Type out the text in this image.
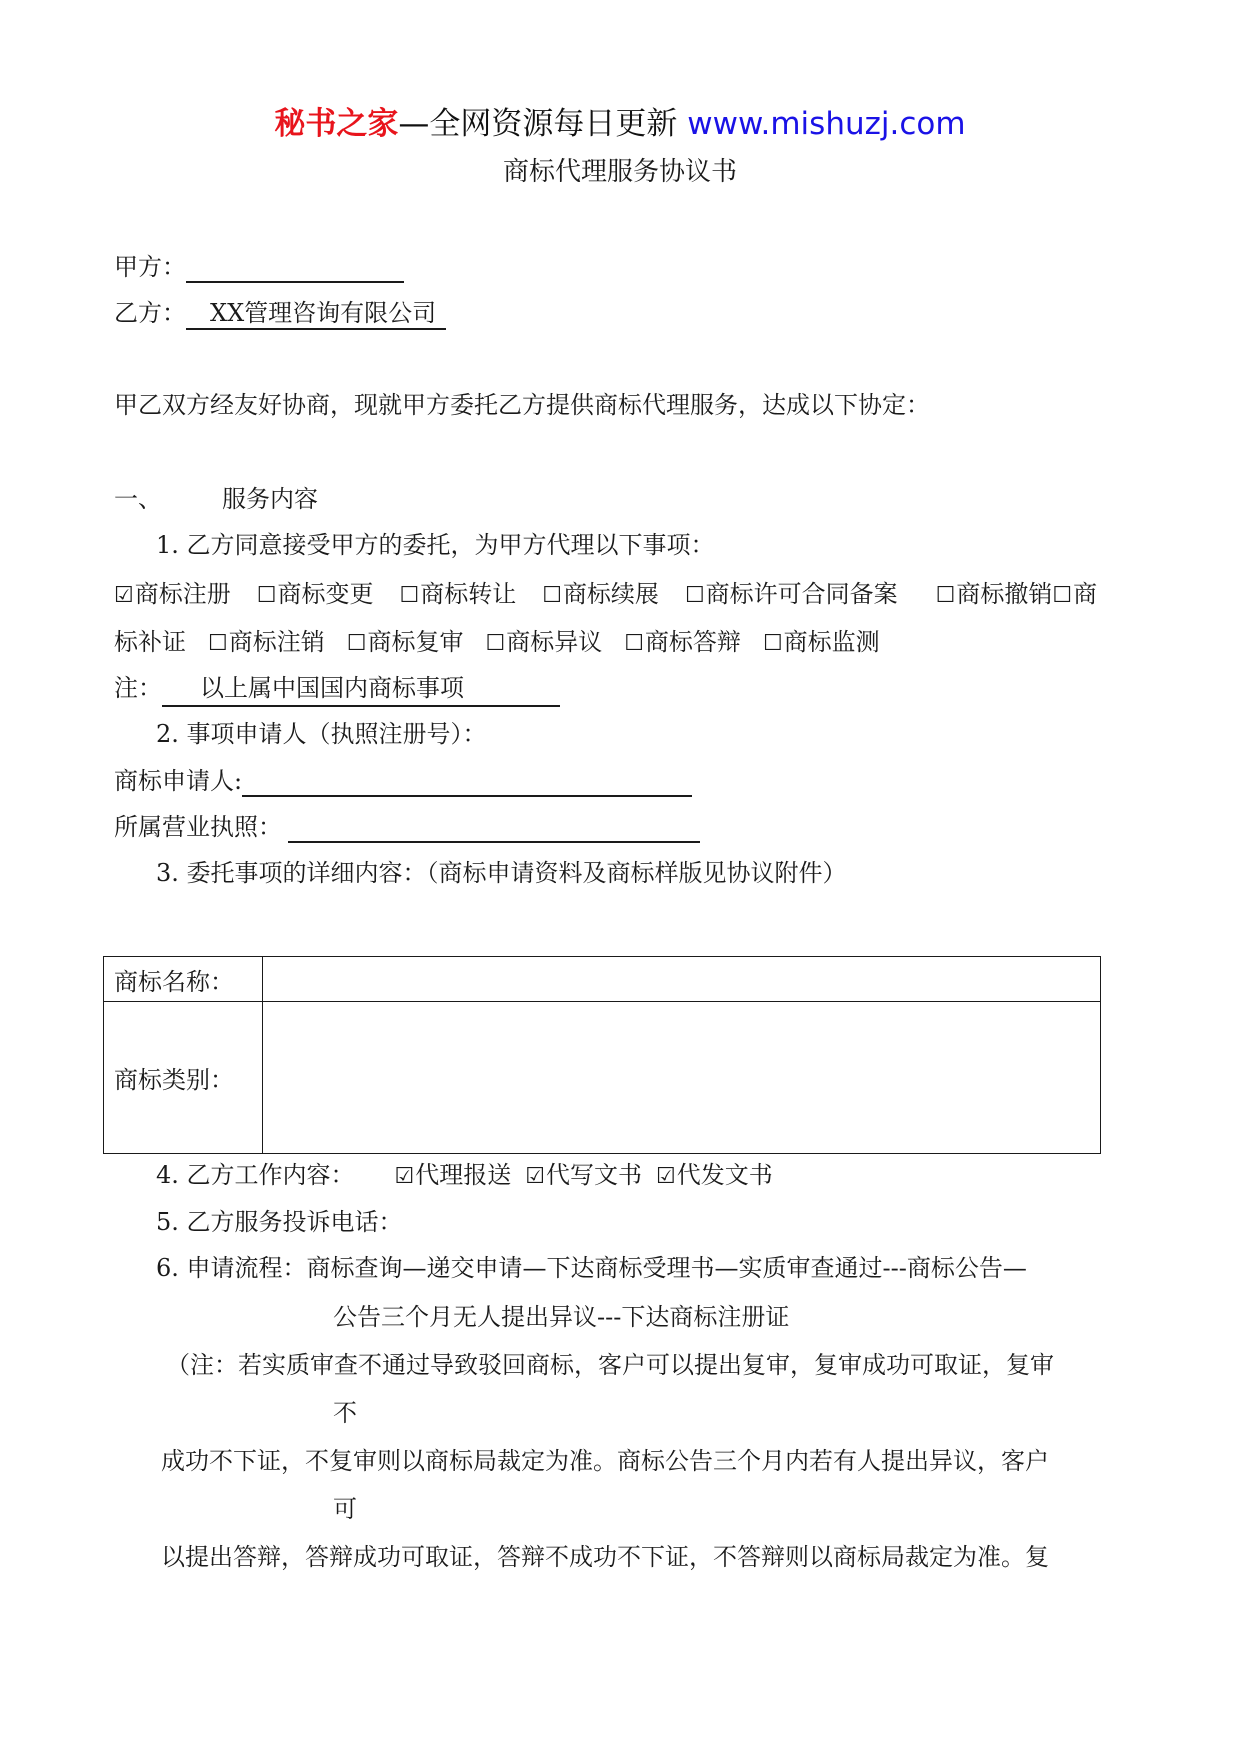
秘书之家—全网资源每日更新 www.mishuzj.com
商标代理服务协议书
甲方：
乙方： XX管理咨询有限公司
甲乙双方经友好协商，现就甲方委托乙方提供商标代理服务，达成以下协定：
一、	服务内容
1. 乙方同意接受甲方的委托，为甲方代理以下事项：
☑商标注册 ☐商标变更 ☐商标转让 ☐商标续展 ☐商标许可合同备案 ☐商标撤销☐商
标补证 ☐商标注销 ☐商标复审 ☐商标异议 ☐商标答辩 ☐商标监测
注： 以上属中国国内商标事项
2. 事项申请人（执照注册号）：
商标申请人:
所属营业执照：
3. 委托事项的详细内容：（商标申请资料及商标样版见协议附件）
商标名称：	
商标类别：	
4. 乙方工作内容： ☑代理报送 ☑代写文书 ☑代发文书
5. 乙方服务投诉电话：
6. 申请流程：商标查询—递交申请—下达商标受理书—实质审查通过---商标公告—
公告三个月无人提出异议---下达商标注册证
（注：若实质审查不通过导致驳回商标，客户可以提出复审，复审成功可取证，复审
不
成功不下证，不复审则以商标局裁定为准。商标公告三个月内若有人提出异议，客户
可
以提出答辩，答辩成功可取证，答辩不成功不下证，不答辩则以商标局裁定为准。复
